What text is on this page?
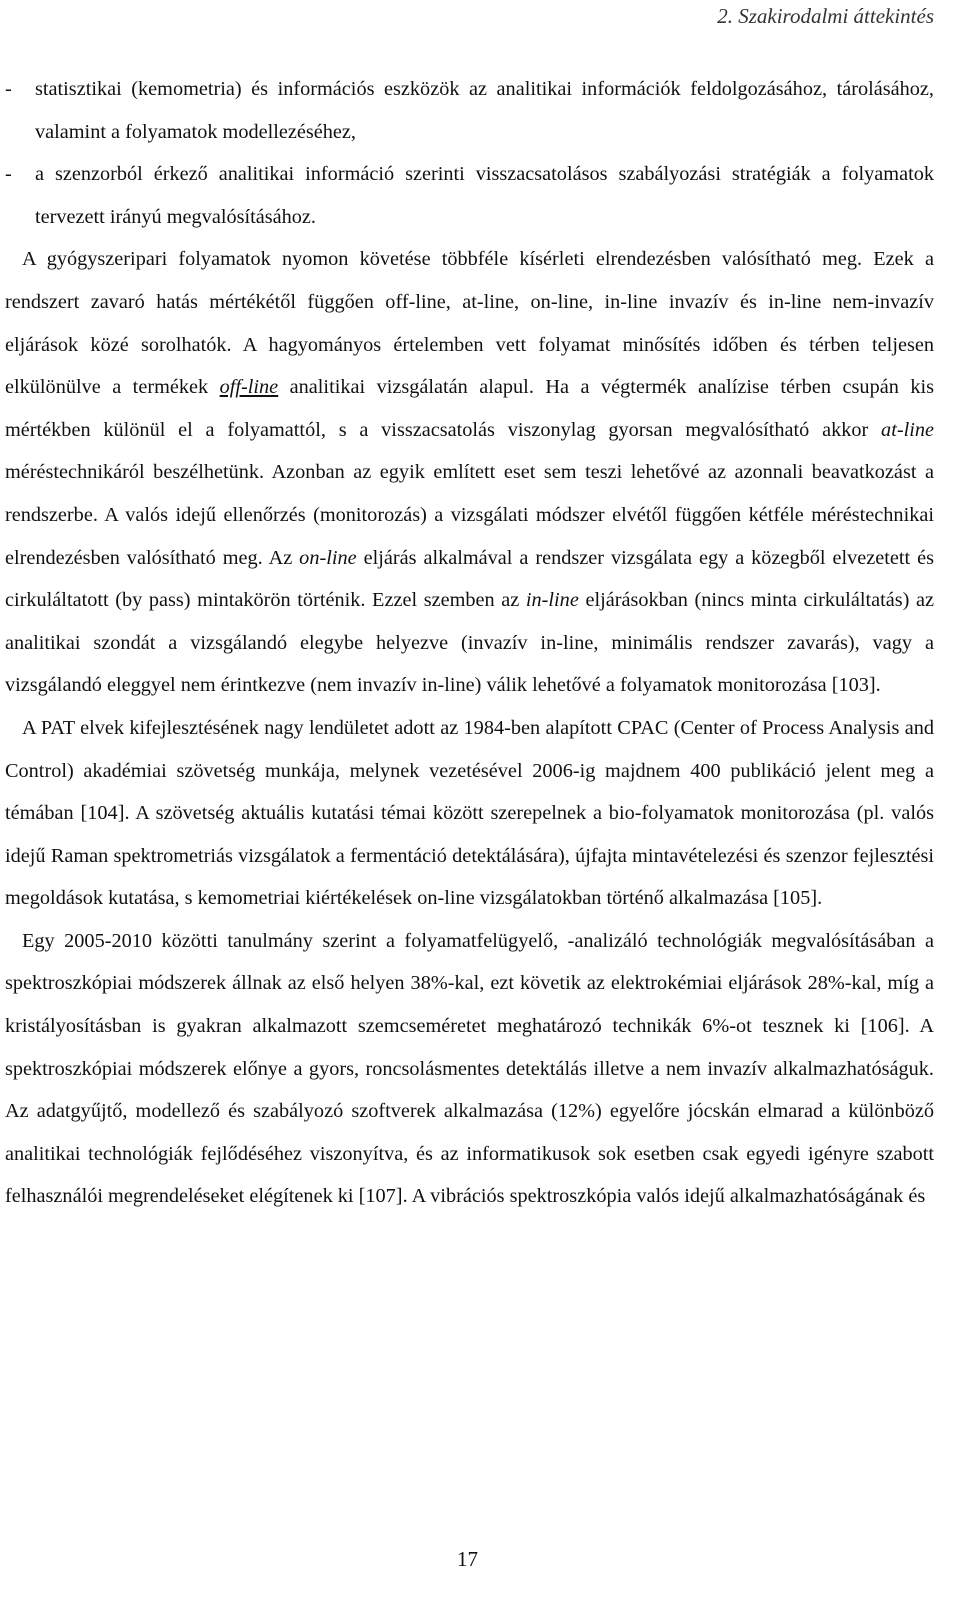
2. Szakirodalmi áttekintés
-	statisztikai (kemometria) és információs eszközök az analitikai információk feldolgozásához, tárolásához, valamint a folyamatok modellezéséhez,
-	a szenzorból érkező analitikai információ szerinti visszacsatolásos szabályozási stratégiák a folyamatok tervezett irányú megvalósításához.

A gyógyszeripari folyamatok nyomon követése többféle kísérleti elrendezésben valósítható meg. Ezek a rendszert zavaró hatás mértékétől függően off-line, at-line, on-line, in-line invazív és in-line nem-invazív eljárások közé sorolhatók. A hagyományos értelemben vett folyamat minősítés időben és térben teljesen elkülönülve a termékek off-line analitikai vizsgálatán alapul. Ha a végtermék analízise térben csupán kis mértékben különül el a folyamattól, s a visszacsatolás viszonylag gyorsan megvalósítható akkor at-line méréstechnikáról beszélhetünk. Azonban az egyik említett eset sem teszi lehetővé az azonnali beavatkozást a rendszerbe. A valós idejű ellenőrzés (monitorozás) a vizsgálati módszer elvétől függően kétféle méréstechnikai elrendezésben valósítható meg. Az on-line eljárás alkalmával a rendszer vizsgálata egy a közegből elvezetett és cirkuláltatott (by pass) mintakörön történik. Ezzel szemben az in-line eljárásokban (nincs minta cirkuláltatás) az analitikai szondát a vizsgálandó elegybe helyezve (invazív in-line, minimális rendszer zavarás), vagy a vizsgálandó eleggyel nem érintkezve (nem invazív in-line) válik lehetővé a folyamatok monitorozása [103].

A PAT elvek kifejlesztésének nagy lendületet adott az 1984-ben alapított CPAC (Center of Process Analysis and Control) akadémiai szövetség munkája, melynek vezetésével 2006-ig majdnem 400 publikáció jelent meg a témában [104]. A szövetség aktuális kutatási témai között szerepelnek a bio-folyamatok monitorozása (pl. valós idejű Raman spektrometriás vizsgálatok a fermentáció detektálására), újfajta mintavételezési és szenzor fejlesztési megoldások kutatása, s kemometriai kiértékelések on-line vizsgálatokban történő alkalmazása [105].

Egy 2005-2010 közötti tanulmány szerint a folyamatfelügyelő, -analizáló technológiák megvalósításában a spektroszkópiai módszerek állnak az első helyen 38%-kal, ezt követik az elektrokémiai eljárások 28%-kal, míg a kristályosításban is gyakran alkalmazott szemcseméretet meghatározó technikák 6%-ot tesznek ki [106]. A spektroszkópiai módszerek előnye a gyors, roncsolásmentes detektálás illetve a nem invazív alkalmazhatóságuk. Az adatgyűjtő, modellező és szabályozó szoftverek alkalmazása (12%) egyelőre jócskán elmarad a különböző analitikai technológiák fejlődéséhez viszonyítva, és az informatikusok sok esetben csak egyedi igényre szabott felhasználói megrendeléseket elégítenek ki [107]. A vibrációs spektroszkópia valós idejű alkalmazhatóságának és

17
